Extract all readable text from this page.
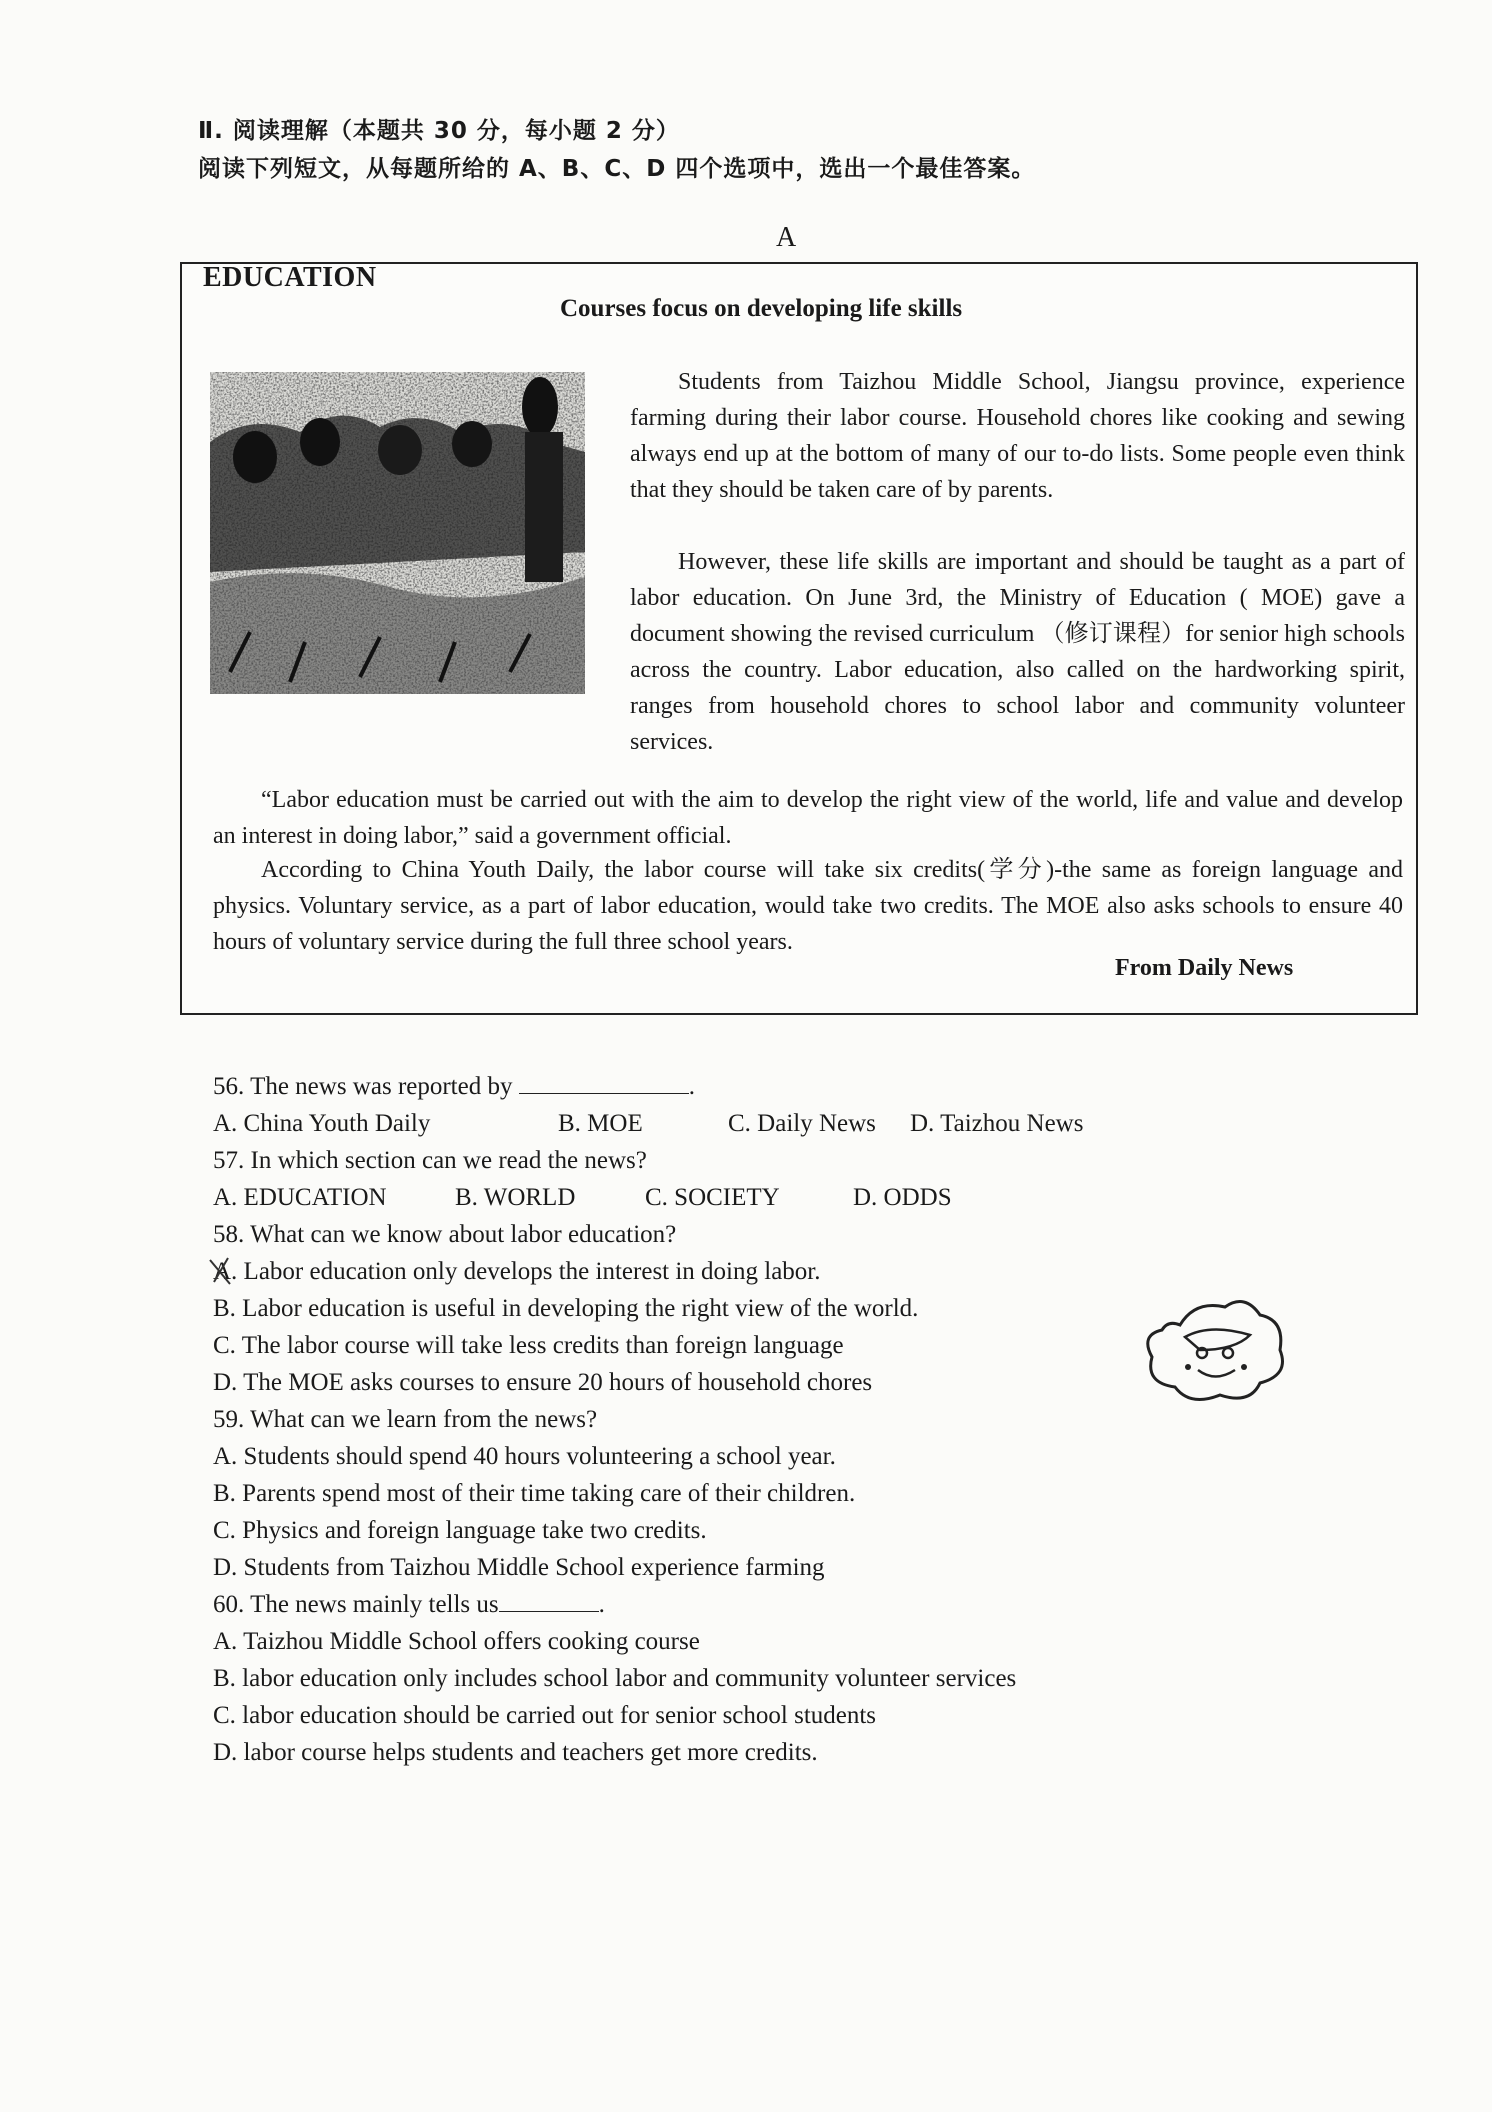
Ⅱ. 阅读理解（本题共 30 分，每小题 2 分）
阅读下列短文，从每题所给的 A、B、C、D 四个选项中，选出一个最佳答案。
A
EDUCATION
Courses focus on developing life skills

Students from Taizhou Middle School, Jiangsu province, experience farming during their labor course. Household chores like cooking and sewing always end up at the bottom of many of our to-do lists. Some people even think that they should be taken care of by parents.

However, these life skills are important and should be taught as a part of labor education. On June 3rd, the Ministry of Education ( MOE) gave a document showing the revised curriculum （修订课程）for senior high schools across the country. Labor education, also called on the hardworking spirit, ranges from household chores to school labor and community volunteer services.

“Labor education must be carried out with the aim to develop the right view of the world, life and value and develop an interest in doing labor,” said a government official.

According to China Youth Daily, the labor course will take six credits(学分)-the same as foreign language and physics. Voluntary service, as a part of labor education, would take two credits. The MOE also asks schools to ensure 40 hours of voluntary service during the full three school years.

From Daily News
56. The news was reported by	.
A. China Youth Daily	B. MOE	C. Daily News D. Taizhou News
57. In which section can we read the news?
A. EDUCATION	B. WORLD	C. SOCIETY	D. ODDS
58. What can we know about labor education?
A. Labor education only develops the interest in doing labor.
B. Labor education is useful in developing the right view of the world.
C. The labor course will take less credits than foreign language
D. The MOE asks courses to ensure 20 hours of household chores
59. What can we learn from the news?
A. Students should spend 40 hours volunteering a school year.
B. Parents spend most of their time taking care of their children.
C. Physics and foreign language take two credits.
D. Students from Taizhou Middle School experience farming
60. The news mainly tells us	.
A. Taizhou Middle School offers cooking course
B. labor education only includes school labor and community volunteer services
C. labor education should be carried out for senior school students
D. labor course helps students and teachers get more credits.
